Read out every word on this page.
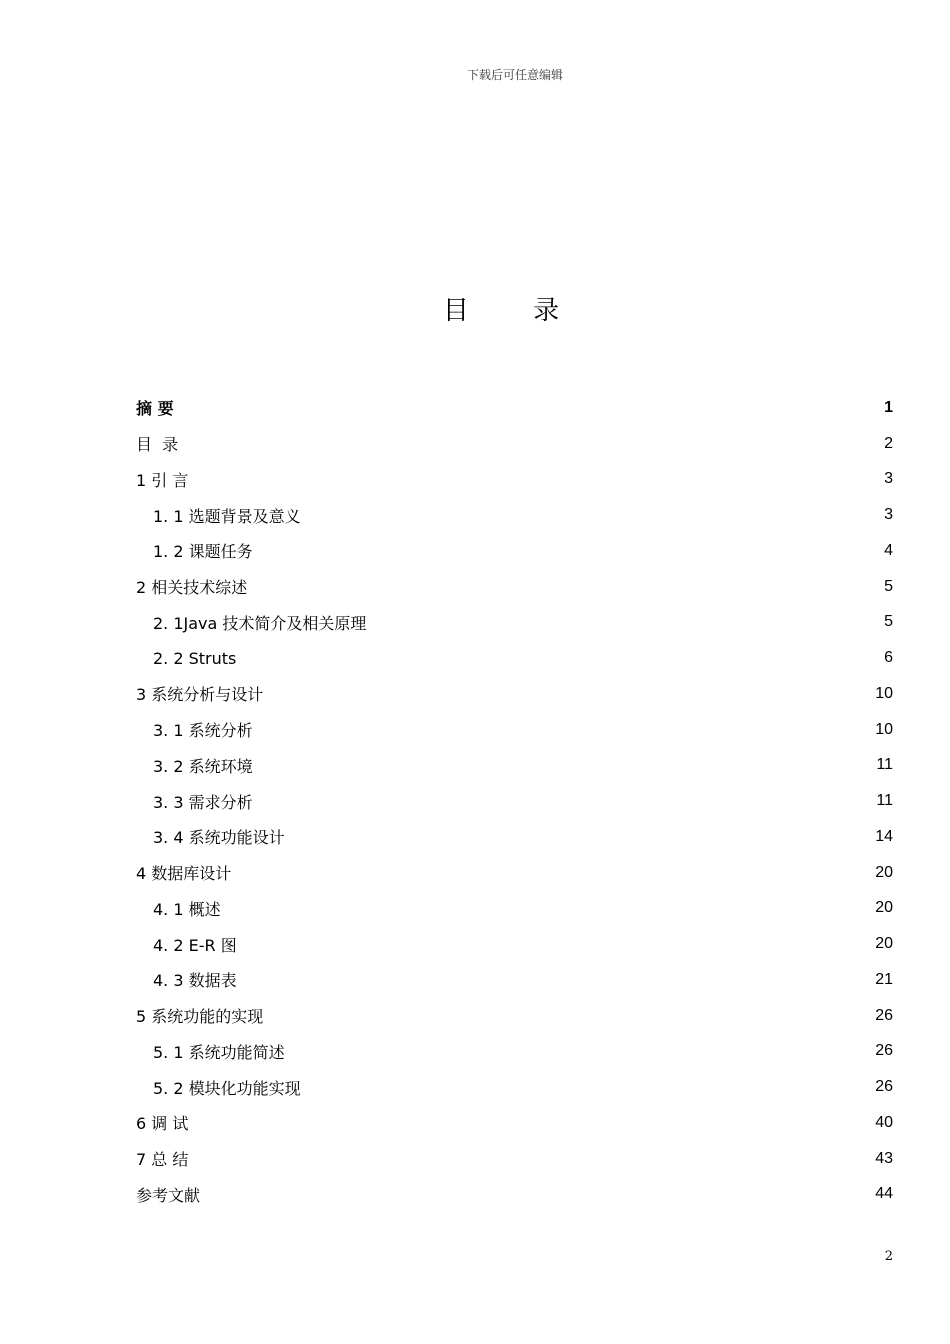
下载后可任意编辑
目 录
摘 要	1
目  录	2
1 引 言	3
1. 1 选题背景及意义	3
1. 2 课题任务	4
2 相关技术综述	5
2. 1Java 技术简介及相关原理	5
2. 2 Struts	6
3 系统分析与设计	10
3. 1 系统分析	10
3. 2 系统环境	11
3. 3 需求分析	11
3. 4 系统功能设计	14
4 数据库设计	20
4. 1 概述	20
4. 2 E-R 图	20
4. 3 数据表	21
5 系统功能的实现	26
5. 1 系统功能简述	26
5. 2 模块化功能实现	26
6 调 试	40
7 总 结	43
参考文献	44
2
